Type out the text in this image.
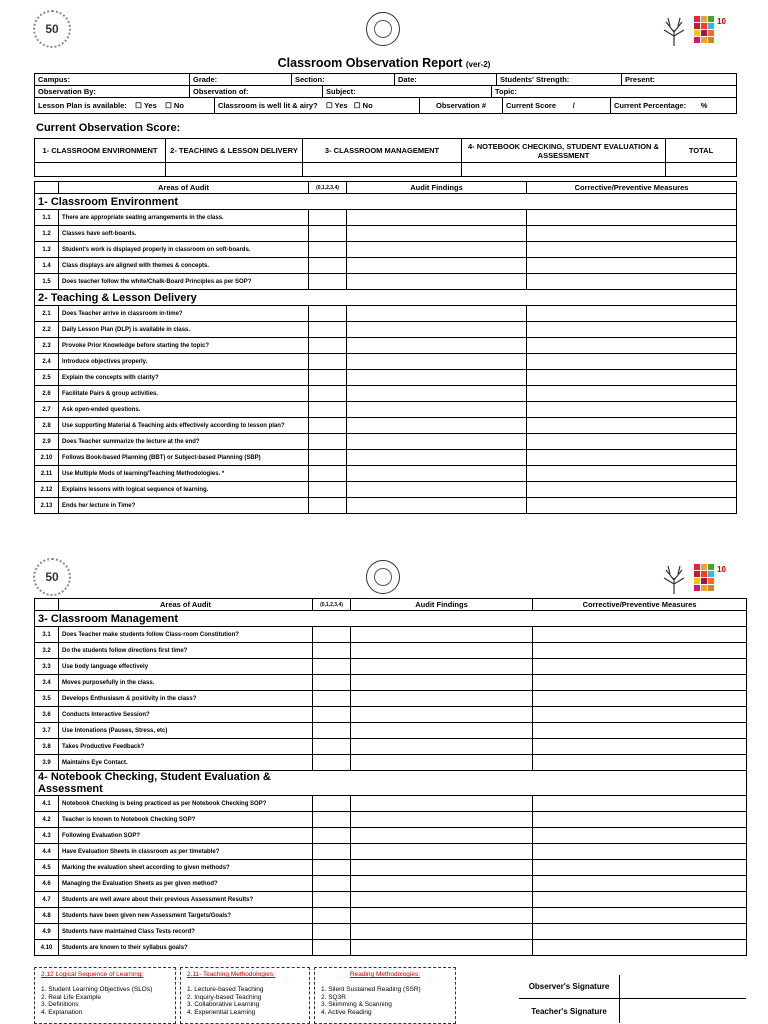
50
10
Classroom Observation Report (ver-2)
Campus:	Grade:	Section:	Date:	Students' Strength:	Present:
Observation By:	Observation of:	Subject:	Topic:
Lesson Plan is available: ☐ Yes ☐ No	Classroom is well lit & airy? ☐ Yes ☐ No	Observation #	Current Score /	Current Percentage: %
Current Observation Score:
1- CLASSROOM ENVIRONMENT	2- TEACHING & LESSON DELIVERY	3- CLASSROOM MANAGEMENT	4- NOTEBOOK CHECKING, STUDENT EVALUATION & ASSESSMENT	TOTAL

	Areas of Audit	(0,1,2,3,4)	Audit Findings	Corrective/Preventive Measures
1- Classroom Environment				
1.1	There are appropriate seating arrangements in the class.			
1.2	Classes have soft-boards.			
1.3	Student's work is displayed properly in classroom on soft-boards.			
1.4	Class displays are aligned with themes & concepts.			
1.5	Does teacher follow the white/Chalk-Board Principles as per SOP?			
2- Teaching & Lesson Delivery				
2.1	Does Teacher arrive in classroom in-time?			
2.2	Daily Lesson Plan (DLP) is available in class.			
2.3	Provoke Prior Knowledge before starting the topic?			
2.4	Introduce objectives properly.			
2.5	Explain the concepts with clarity?			
2.6	Facilitate Pairs & group activities.			
2.7	Ask open-ended questions.			
2.8	Use supporting Material & Teaching aids effectively according to lesson plan?			
2.9	Does Teacher summarize the lecture at the end?			
2.10	Follows Book-based Planning (BBT) or Subject-based Planning (SBP)			
2.11	Use Multiple Mods of learning/Teaching Methodologies. *			
2.12	Explains lessons with logical sequence of learning.			
2.13	Ends her lecture in Time?			
50
10
	Areas of Audit	(0,1,2,3,4)	Audit Findings	Corrective/Preventive Measures
3- Classroom Management				
3.1	Does Teacher make students follow Class-room Constitution?			
3.2	Do the students follow directions first time?			
3.3	Use body language effectively			
3.4	Moves purposefully in the class.			
3.5	Develops Enthusiasm & positivity in the class?			
3.6	Conducts Interactive Session?			
3.7	Use Intonations (Pauses, Stress, etc)			
3.8	Takes Productive Feedback?			
3.9	Maintains Eye Contact.			
4- Notebook Checking, Student Evaluation & Assessment				
4.1	Notebook Checking is being practiced as per Notebook Checking SOP?			
4.2	Teacher is known to Notebook Checking SOP?			
4.3	Following Evaluation SOP?			
4.4	Have Evaluation Sheets in classroom as per timetable?			
4.5	Marking the evaluation sheet according to given methods?			
4.6	Managing the Evaluation Sheets as per given method?			
4.7	Students are well aware about their previous Assessment Results?			
4.8	Students have been given new Assessment Targets/Goals?			
4.9	Students have maintained Class Tests record?			
4.10	Students are known to their syllabus goals?			
2.12 Logical Sequence of Learning:
1. Student Learning Objectives (SLOs)
2. Real Life Example
3. Definitions
4. Explanation
2.11- Teaching Methodologies:
1. Lecture-based Teaching
2. Inquiry-based Teaching
3. Collaborative Learning
4. Experiential Learning
Reading Methodologies:
1. Silent Sustained Reading (SSR)
2. SQ3R
3. Skimming & Scanning
4. Active Reading
Observer's Signature
Teacher's Signature
